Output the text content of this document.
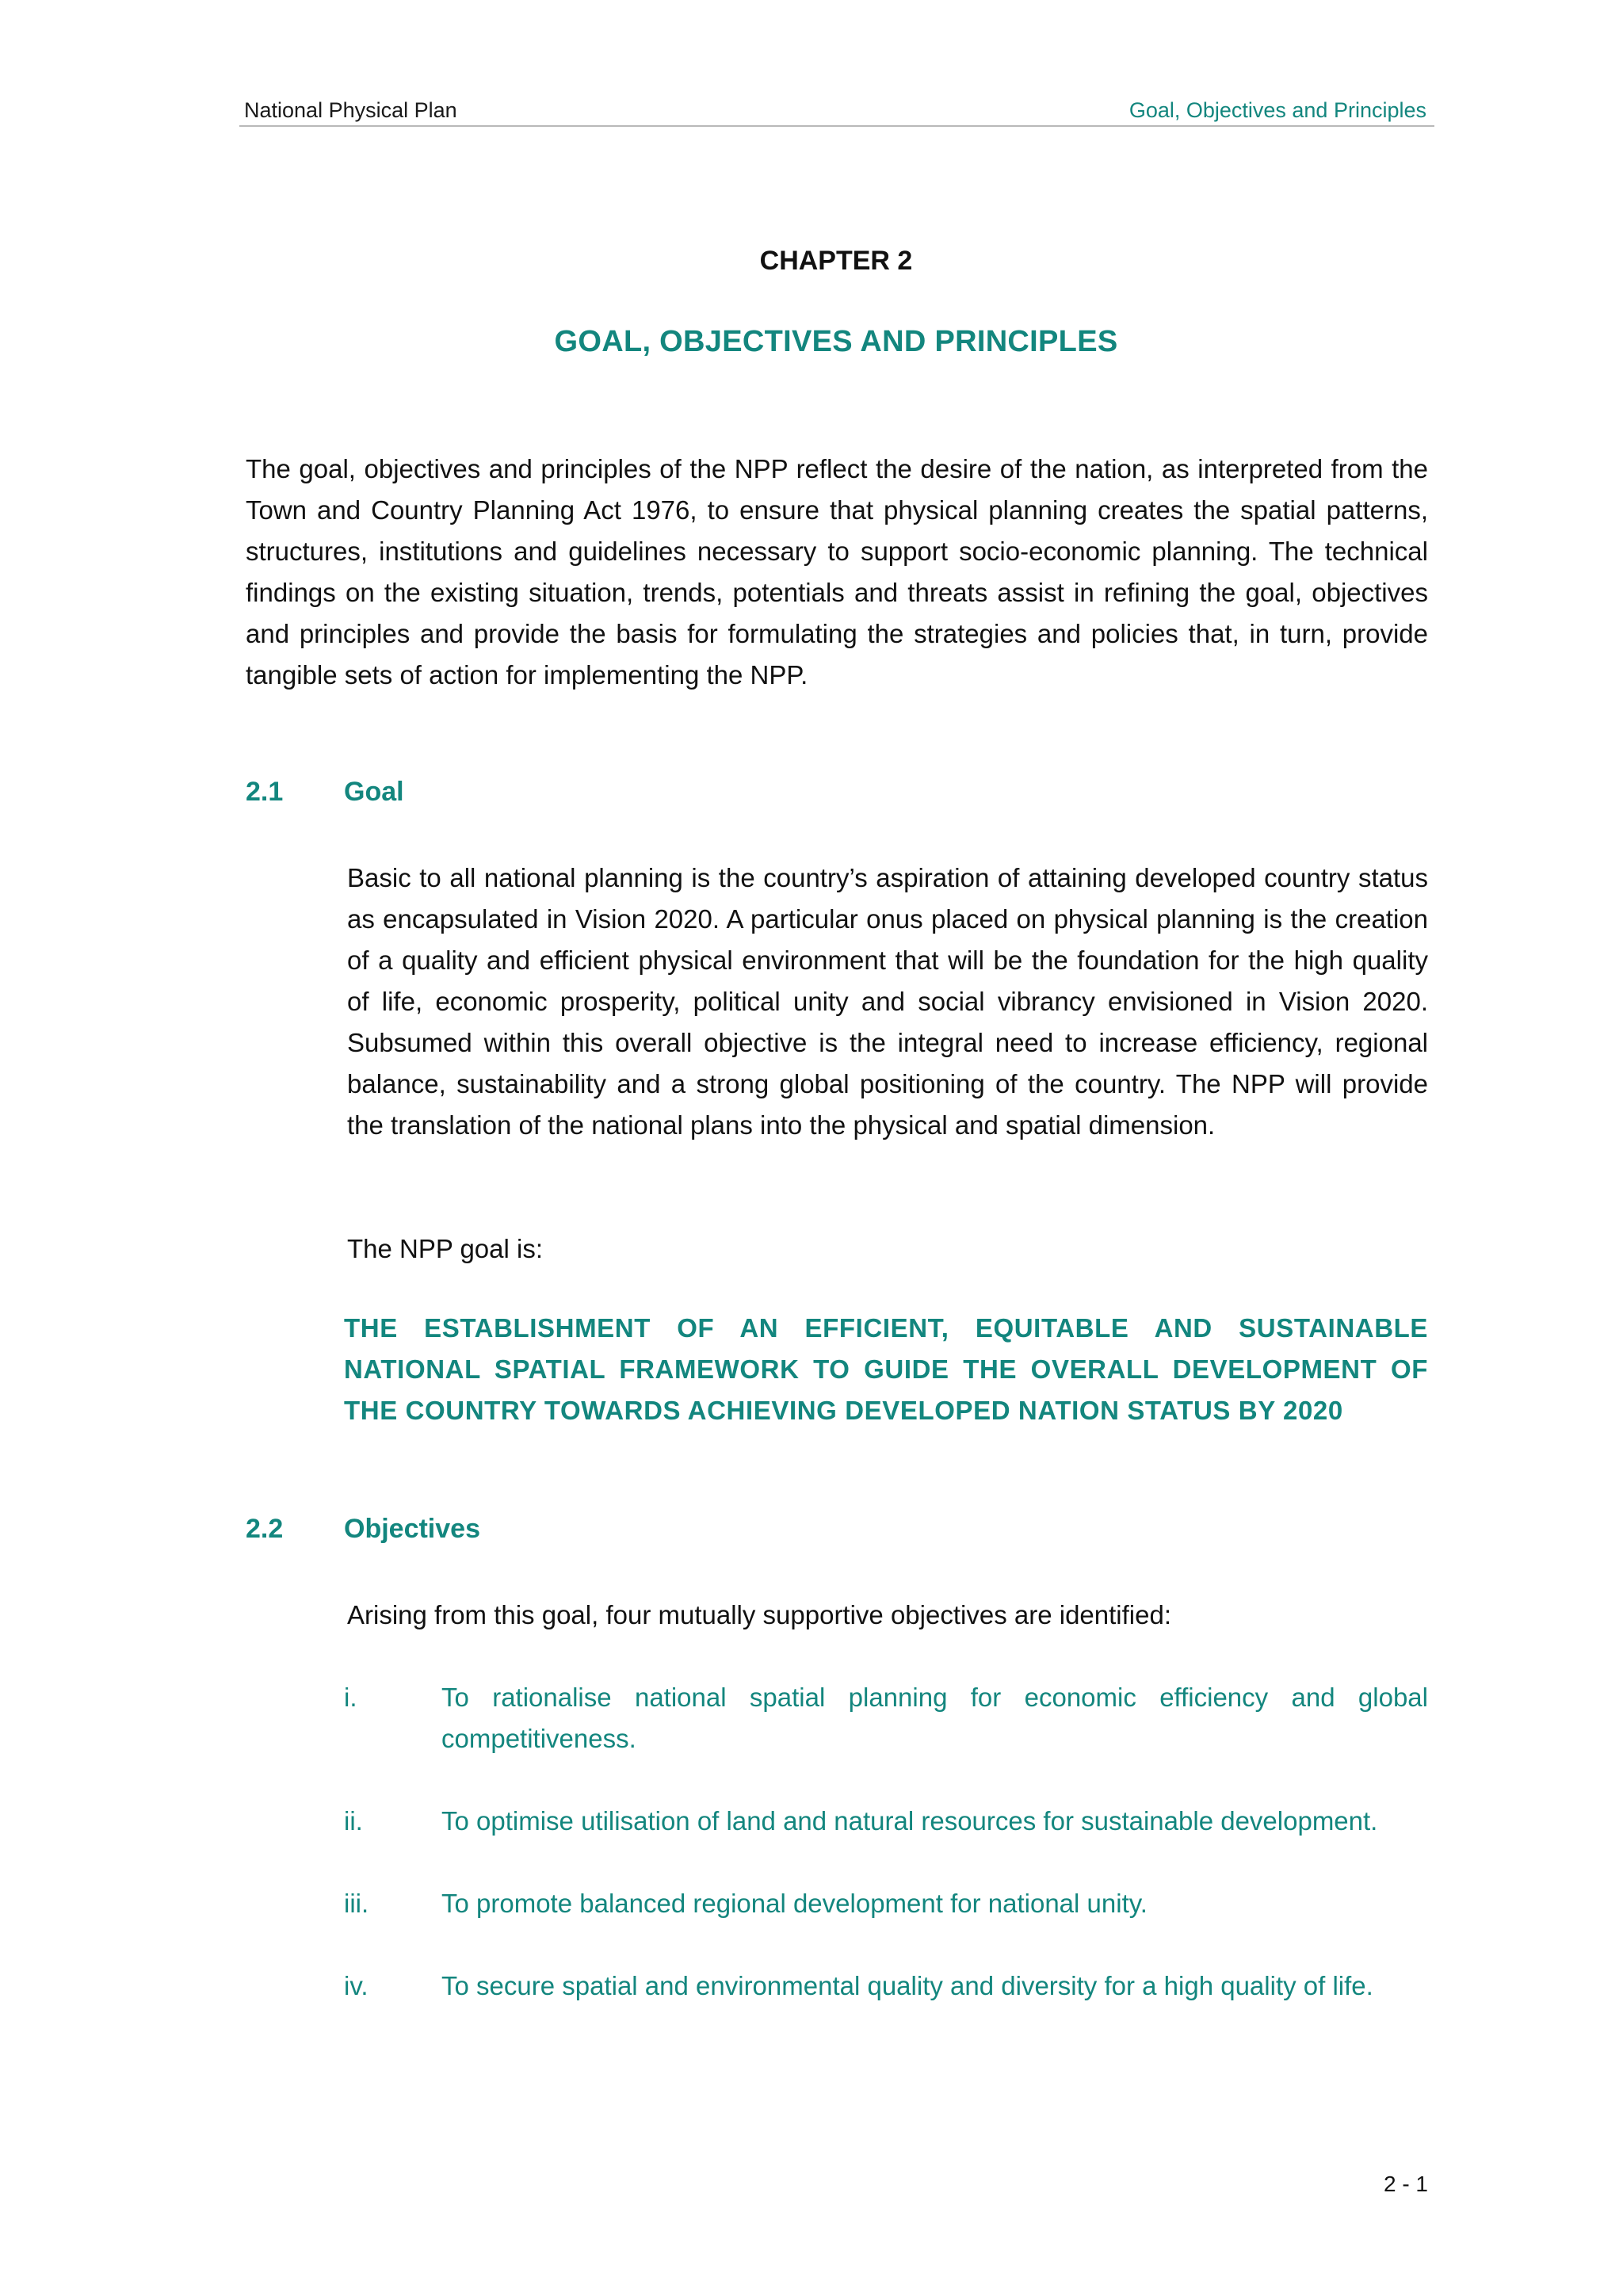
National Physical Plan	Goal, Objectives and Principles
CHAPTER 2
GOAL, OBJECTIVES AND PRINCIPLES

The goal, objectives and principles of the NPP reflect the desire of the nation, as interpreted from the Town and Country Planning Act 1976, to ensure that physical planning creates the spatial patterns, structures, institutions and guidelines necessary to support socio-economic planning. The technical findings on the existing situation, trends, potentials and threats assist in refining the goal, objectives and principles and provide the basis for formulating the strategies and policies that, in turn, provide tangible sets of action for implementing the NPP.

2.1 Goal

Basic to all national planning is the country’s aspiration of attaining developed country status as encapsulated in Vision 2020. A particular onus placed on physical planning is the creation of a quality and efficient physical environment that will be the foundation for the high quality of life, economic prosperity, political unity and social vibrancy envisioned in Vision 2020. Subsumed within this overall objective is the integral need to increase efficiency, regional balance, sustainability and a strong global positioning of the country. The NPP will provide the translation of the national plans into the physical and spatial dimension.

The NPP goal is:

THE ESTABLISHMENT OF AN EFFICIENT, EQUITABLE AND SUSTAINABLE NATIONAL SPATIAL FRAMEWORK TO GUIDE THE OVERALL DEVELOPMENT OF THE COUNTRY TOWARDS ACHIEVING DEVELOPED NATION STATUS BY 2020

2.2 Objectives

Arising from this goal, four mutually supportive objectives are identified:

i.	To rationalise national spatial planning for economic efficiency and global competitiveness.
ii.	To optimise utilisation of land and natural resources for sustainable development.
iii.	To promote balanced regional development for national unity.
iv.	To secure spatial and environmental quality and diversity for a high quality of life.
2 - 1
